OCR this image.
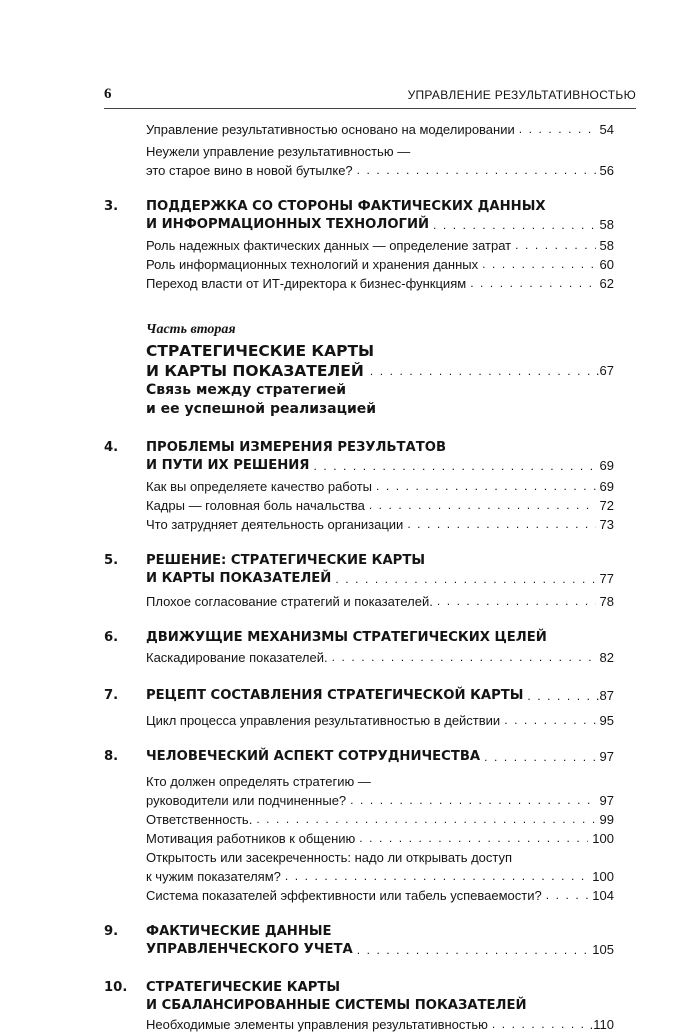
6	УПРАВЛЕНИЕ РЕЗУЛЬТАТИВНОСТЬЮ
Управление результативностью основано на моделировании . . .	54
Неужели управление результативностью —
это старое вино в новой бутылке? . . .	56
3. ПОДДЕРЖКА СО СТОРОНЫ ФАКТИЧЕСКИХ ДАННЫХ
И ИНФОРМАЦИОННЫХ ТЕХНОЛОГИЙ . . .	58
Роль надежных фактических данных — определение затрат . . .	58
Роль информационных технологий и хранения данных . . .	60
Переход власти от ИТ-директора к бизнес-функциям . . .	62
Часть вторая
СТРАТЕГИЧЕСКИЕ КАРТЫ
И КАРТЫ ПОКАЗАТЕЛЕЙ . . .	.67
Связь между стратегией
и ее успешной реализацией
4. ПРОБЛЕМЫ ИЗМЕРЕНИЯ РЕЗУЛЬТАТОВ
И ПУТИ ИХ РЕШЕНИЯ . . .	69
Как вы определяете качество работы . . .	69
Кадры — головная боль начальства . . .	72
Что затрудняет деятельность организации . . .	73
5. РЕШЕНИЕ: СТРАТЕГИЧЕСКИЕ КАРТЫ
И КАРТЫ ПОКАЗАТЕЛЕЙ . . .	77
Плохое согласование стратегий и показателей. . . .	78
6. ДВИЖУЩИЕ МЕХАНИЗМЫ СТРАТЕГИЧЕСКИХ ЦЕЛЕЙ
Каскадирование показателей. . . .	82
7. РЕЦЕПТ СОСТАВЛЕНИЯ СТРАТЕГИЧЕСКОЙ КАРТЫ . . .	.87
Цикл процесса управления результативностью в действии . . .	95
8. ЧЕЛОВЕЧЕСКИЙ АСПЕКТ СОТРУДНИЧЕСТВА . . .	97
Кто должен определять стратегию —
руководители или подчиненные? . . .	97
Ответственность. . . .	99
Мотивация работников к общению . . .	100
Открытость или засекреченность: надо ли открывать доступ
к чужим показателям? . . .	100
Система показателей эффективности или табель успеваемости? . . .	104
9. ФАКТИЧЕСКИЕ ДАННЫЕ
УПРАВЛЕНЧЕСКОГО УЧЕТА . . .	105
10. СТРАТЕГИЧЕСКИЕ КАРТЫ
И СБАЛАНСИРОВАННЫЕ СИСТЕМЫ ПОКАЗАТЕЛЕЙ
Необходимые элементы управления результативностью . . .	.110
